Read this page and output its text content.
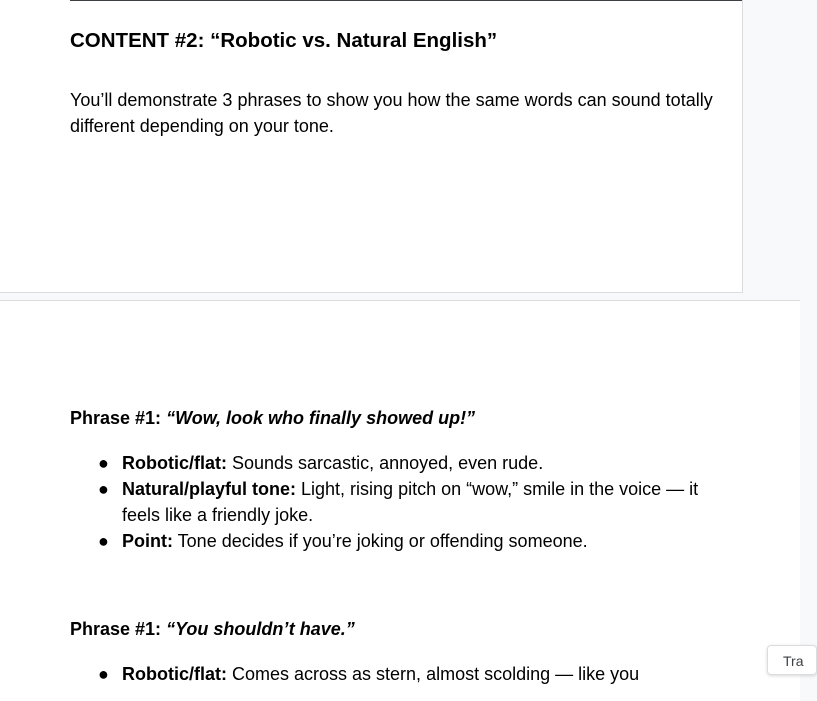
CONTENT #2: “Robotic vs. Natural English”

You’ll demonstrate 3 phrases to show you how the same words can sound totally different depending on your tone.

Phrase #1: “Wow, look who finally showed up!”

● Robotic/flat: Sounds sarcastic, annoyed, even rude.
● Natural/playful tone: Light, rising pitch on “wow,” smile in the voice — it feels like a friendly joke.
● Point: Tone decides if you’re joking or offending someone.

Phrase #1: “You shouldn’t have.”

● Robotic/flat: Comes across as stern, almost scolding — like you
Tra
